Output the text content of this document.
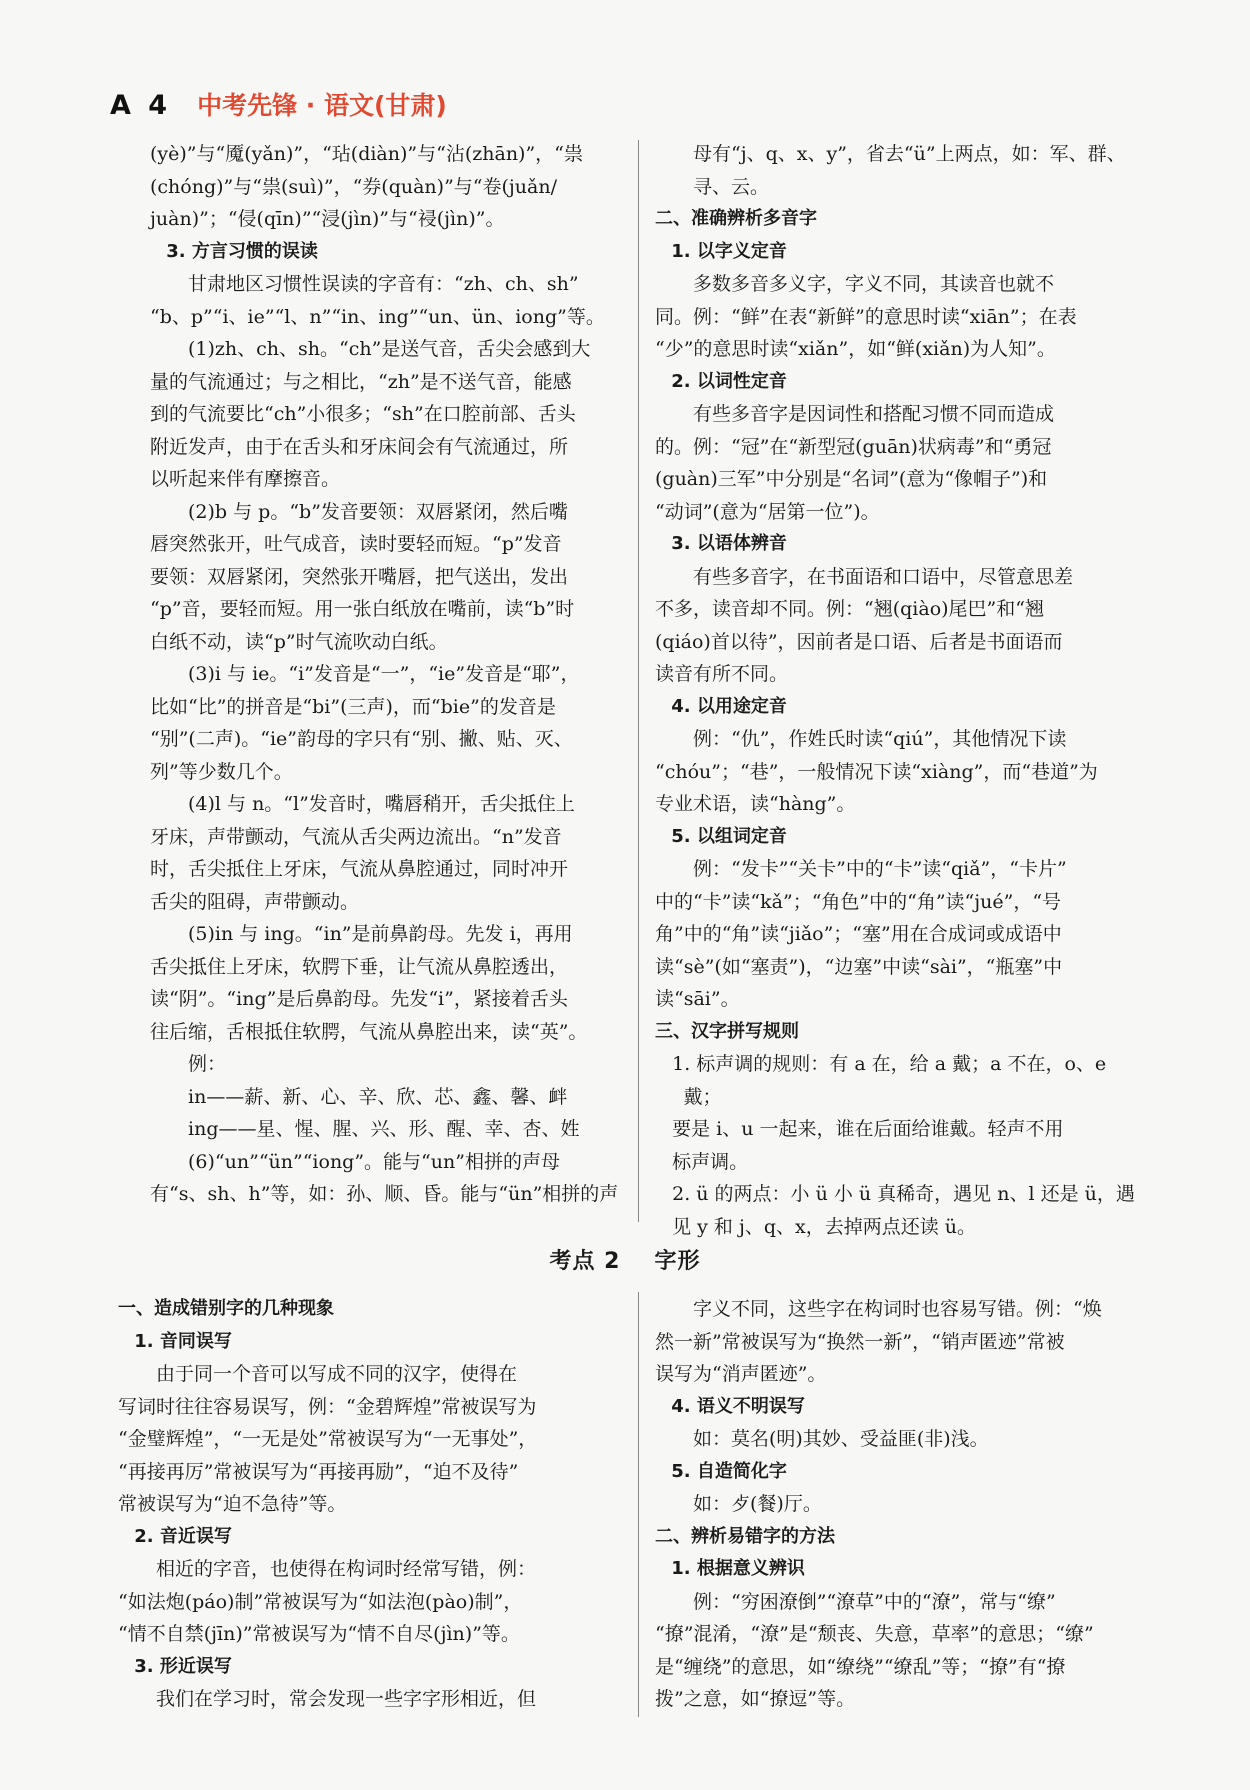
A 4 中考先锋 · 语文(甘肃)

(yè)”与“魇(yǎn)”，“玷(diàn)”与“沾(zhān)”，“祟

(chóng)”与“祟(suì)”，“券(quàn)”与“卷(juǎn/

juàn)”；“侵(qīn)”“浸(jìn)”与“祲(jìn)”。

3. 方言习惯的误读

甘肃地区习惯性误读的字音有：“zh、ch、sh”

“b、p”“i、ie”“l、n”“in、ing”“un、ün、iong”等。

(1)zh、ch、sh。“ch”是送气音，舌尖会感到大

量的气流通过；与之相比，“zh”是不送气音，能感

到的气流要比“ch”小很多；“sh”在口腔前部、舌头

附近发声，由于在舌头和牙床间会有气流通过，所

以听起来伴有摩擦音。

(2)b 与 p。“b”发音要领：双唇紧闭，然后嘴

唇突然张开，吐气成音，读时要轻而短。“p”发音

要领：双唇紧闭，突然张开嘴唇，把气送出，发出

“p”音，要轻而短。用一张白纸放在嘴前，读“b”时

白纸不动，读“p”时气流吹动白纸。

(3)i 与 ie。“i”发音是“一”，“ie”发音是“耶”，

比如“比”的拼音是“bi”(三声)，而“bie”的发音是

“别”(二声)。“ie”韵母的字只有“别、撇、贴、灭、

列”等少数几个。

(4)l 与 n。“l”发音时，嘴唇稍开，舌尖抵住上

牙床，声带颤动，气流从舌尖两边流出。“n”发音

时，舌尖抵住上牙床，气流从鼻腔通过，同时冲开

舌尖的阻碍，声带颤动。

(5)in 与 ing。“in”是前鼻韵母。先发 i，再用

舌尖抵住上牙床，软腭下垂，让气流从鼻腔透出，

读“阴”。“ing”是后鼻韵母。先发“i”，紧接着舌头

往后缩，舌根抵住软腭，气流从鼻腔出来，读“英”。

例：

in——薪、新、心、辛、欣、芯、鑫、馨、衅

ing——星、惺、腥、兴、形、醒、幸、杏、姓

(6)“un”“ün”“iong”。能与“un”相拼的声母

有“s、sh、h”等，如：孙、顺、昏。能与“ün”相拼的声

母有“j、q、x、y”，省去“ü”上两点，如：军、群、

寻、云。

二、准确辨析多音字

1. 以字义定音

多数多音多义字，字义不同，其读音也就不

同。例：“鲜”在表“新鲜”的意思时读“xiān”；在表

“少”的意思时读“xiǎn”，如“鲜(xiǎn)为人知”。

2. 以词性定音

有些多音字是因词性和搭配习惯不同而造成

的。例：“冠”在“新型冠(guān)状病毒”和“勇冠

(guàn)三军”中分别是“名词”(意为“像帽子”)和

“动词”(意为“居第一位”)。

3. 以语体辨音

有些多音字，在书面语和口语中，尽管意思差

不多，读音却不同。例：“翘(qiào)尾巴”和“翘

(qiáo)首以待”，因前者是口语、后者是书面语而

读音有所不同。

4. 以用途定音

例：“仇”，作姓氏时读“qiú”，其他情况下读

“chóu”；“巷”，一般情况下读“xiàng”，而“巷道”为

专业术语，读“hàng”。

5. 以组词定音

例：“发卡”“关卡”中的“卡”读“qiǎ”，“卡片”

中的“卡”读“kǎ”；“角色”中的“角”读“jué”，“号

角”中的“角”读“jiǎo”；“塞”用在合成词或成语中

读“sè”(如“塞责”)，“边塞”中读“sài”，“瓶塞”中

读“sāi”。

三、汉字拼写规则

1. 标声调的规则：有 a 在，给 a 戴；a 不在，o、e 戴；

要是 i、u 一起来，谁在后面给谁戴。轻声不用

标声调。

2. ü 的两点：小 ü 小 ü 真稀奇，遇见 n、l 还是 ü，遇

见 y 和 j、q、x，去掉两点还读 ü。

考点 2 字形

一、造成错别字的几种现象

1. 音同误写

由于同一个音可以写成不同的汉字，使得在

写词时往往容易误写，例：“金碧辉煌”常被误写为

“金璧辉煌”，“一无是处”常被误写为“一无事处”，

“再接再厉”常被误写为“再接再励”，“迫不及待”

常被误写为“迫不急待”等。

2. 音近误写

相近的字音，也使得在构词时经常写错，例：

“如法炮(páo)制”常被误写为“如法泡(pào)制”，

“情不自禁(jīn)”常被误写为“情不自尽(jìn)”等。

3. 形近误写

我们在学习时，常会发现一些字字形相近，但

字义不同，这些字在构词时也容易写错。例：“焕

然一新”常被误写为“换然一新”，“销声匿迹”常被

误写为“消声匿迹”。

4. 语义不明误写

如：莫名(明)其妙、受益匪(非)浅。

5. 自造简化字

如：歺(餐)厅。

二、辨析易错字的方法

1. 根据意义辨识

例：“穷困潦倒”“潦草”中的“潦”，常与“缭”

“撩”混淆，“潦”是“颓丧、失意，草率”的意思；“缭”

是“缠绕”的意思，如“缭绕”“缭乱”等；“撩”有“撩

拨”之意，如“撩逗”等。
